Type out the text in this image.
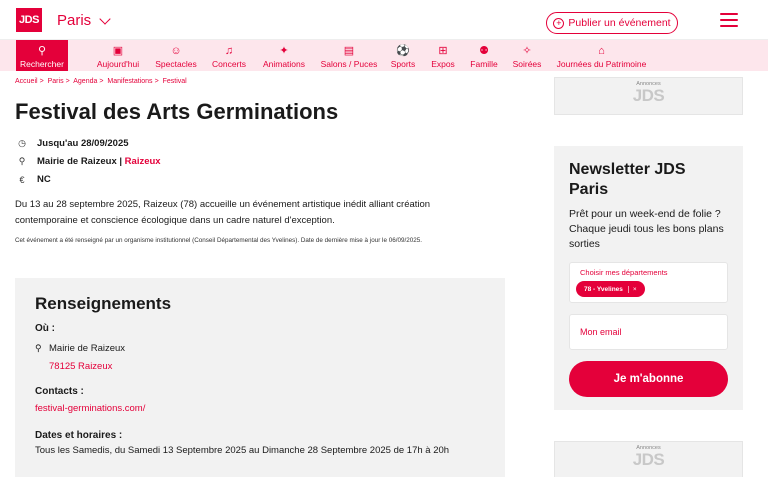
JDS Paris	+ Publier un événement
⚲
Rechercher
▣
Aujourd'hui
☺
Spectacles
♫
Concerts
✦
Animations
▤
Salons / Puces
⚽
Sports
⊞
Expos
⚉
Famille
✧
Soirées
⌂
Journées du Patrimoine
Accueil > Paris > Agenda > Manifestations > Festival
Festival des Arts Germinations
◷	Jusqu'au 28/09/2025
⚲	Mairie de Raizeux | Raizeux
€	NC

Du 13 au 28 septembre 2025, Raizeux (78) accueille un événement artistique inédit alliant création contemporaine et conscience écologique dans un cadre naturel d'exception.

Cet événement a été renseigné par un organisme institutionnel (Conseil Départemental des Yvelines). Date de dernière mise à jour le 06/09/2025.

Renseignements
Où :
⚲ Mairie de Raizeux
78125 Raizeux
Contacts :
festival-germinations.com/
Dates et horaires :
Tous les Samedis, du Samedi 13 Septembre 2025 au Dimanche 28 Septembre 2025 de 17h à 20h
Annonces
JDS
Newsletter JDS Paris
Prêt pour un week-end de folie ? Chaque jeudi tous les bons plans sorties
Choisir mes départements
78 - Yvelines	×
Mon email
Je m'abonne
Annonces
JDS
